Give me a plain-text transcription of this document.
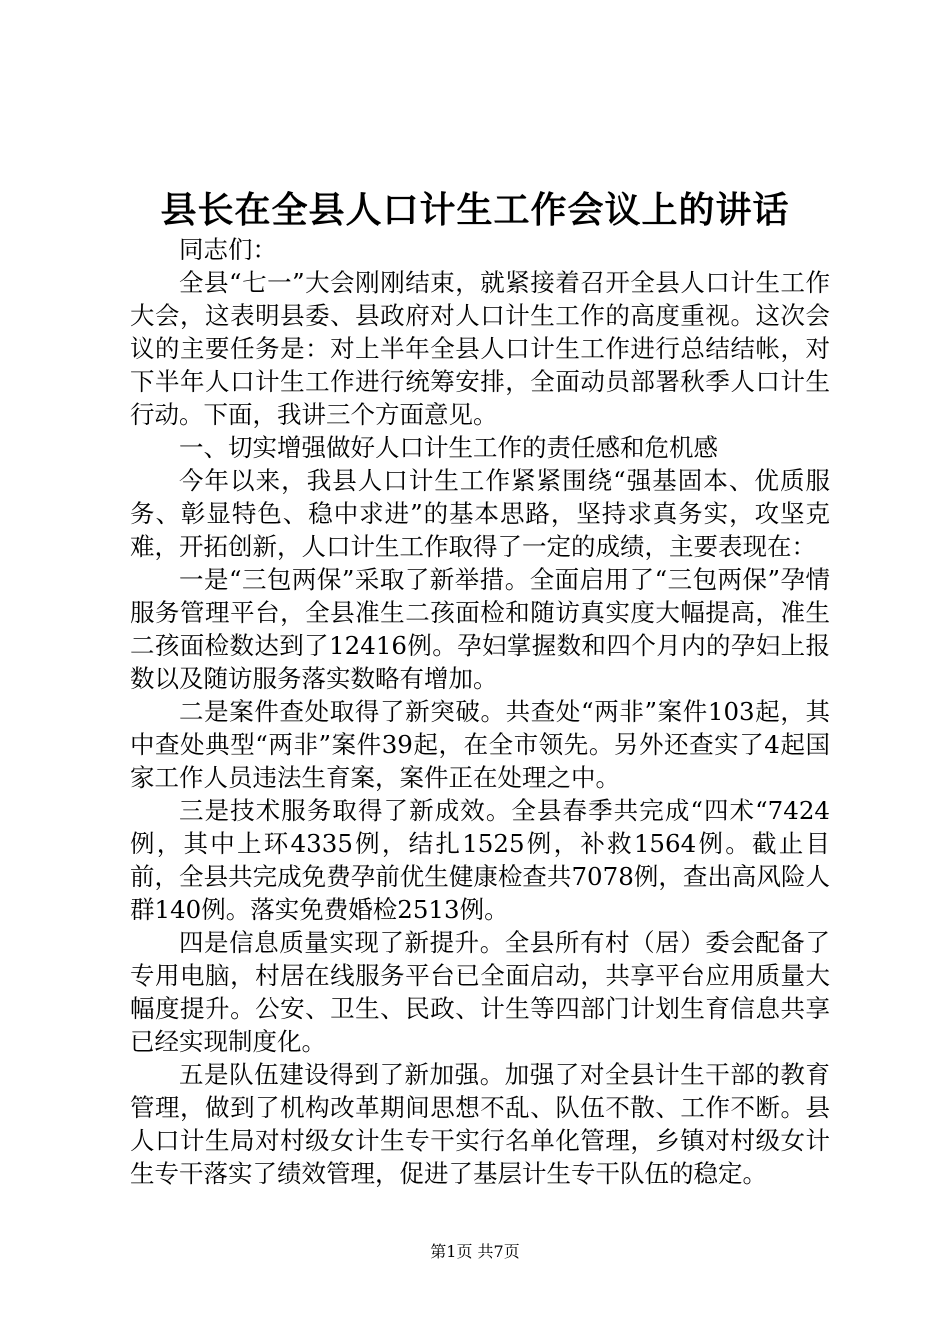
县长在全县人口计生工作会议上的讲话

同志们：

全县“七一”大会刚刚结束，就紧接着召开全县人口计生工作大会，这表明县委、县政府对人口计生工作的高度重视。这次会议的主要任务是：对上半年全县人口计生工作进行总结结帐，对下半年人口计生工作进行统筹安排，全面动员部署秋季人口计生行动。下面，我讲三个方面意见。

一、切实增强做好人口计生工作的责任感和危机感

今年以来，我县人口计生工作紧紧围绕“强基固本、优质服务、彰显特色、稳中求进”的基本思路，坚持求真务实，攻坚克难，开拓创新，人口计生工作取得了一定的成绩，主要表现在：

一是“三包两保”采取了新举措。全面启用了“三包两保”孕情服务管理平台，全县准生二孩面检和随访真实度大幅提高，准生二孩面检数达到了12416例。孕妇掌握数和四个月内的孕妇上报数以及随访服务落实数略有增加。

二是案件查处取得了新突破。共查处“两非”案件103起，其中查处典型“两非”案件39起，在全市领先。另外还查实了4起国家工作人员违法生育案，案件正在处理之中。

三是技术服务取得了新成效。全县春季共完成“四术“7424例，其中上环4335例，结扎1525例，补救1564例。截止目前，全县共完成免费孕前优生健康检查共7078例，查出高风险人群140例。落实免费婚检2513例。

四是信息质量实现了新提升。全县所有村（居）委会配备了专用电脑，村居在线服务平台已全面启动，共享平台应用质量大幅度提升。公安、卫生、民政、计生等四部门计划生育信息共享已经实现制度化。

五是队伍建设得到了新加强。加强了对全县计生干部的教育管理，做到了机构改革期间思想不乱、队伍不散、工作不断。县人口计生局对村级女计生专干实行名单化管理，乡镇对村级女计生专干落实了绩效管理，促进了基层计生专干队伍的稳定。

第1页 共7页
